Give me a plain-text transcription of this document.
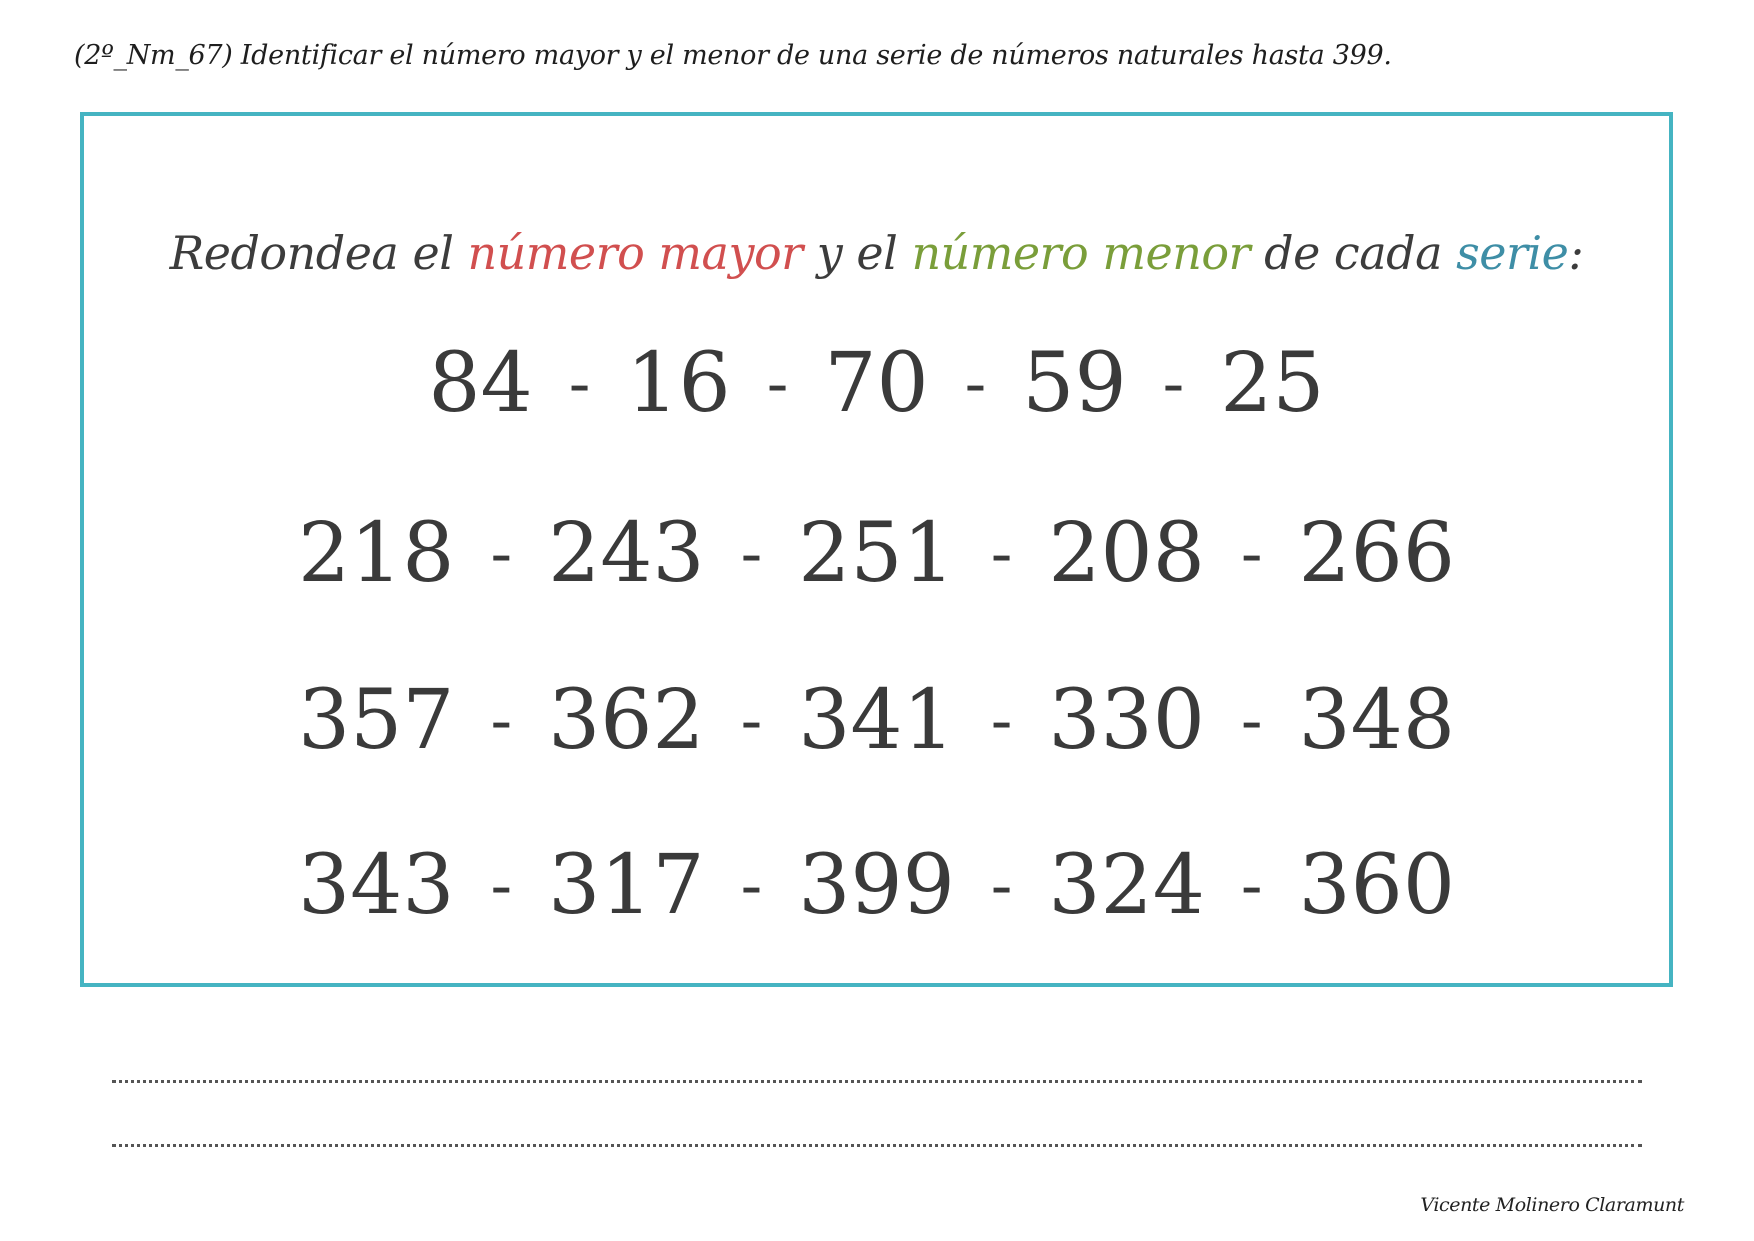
(2º_Nm_67) Identificar el número mayor y el menor de una serie de números naturales hasta 399.
Redondea el número mayor y el número menor de cada serie:
84 - 16 - 70 - 59 - 25
218 - 243 - 251 - 208 - 266
357 - 362 - 341 - 330 - 348
343 - 317 - 399 - 324 - 360
Vicente Molinero Claramunt
